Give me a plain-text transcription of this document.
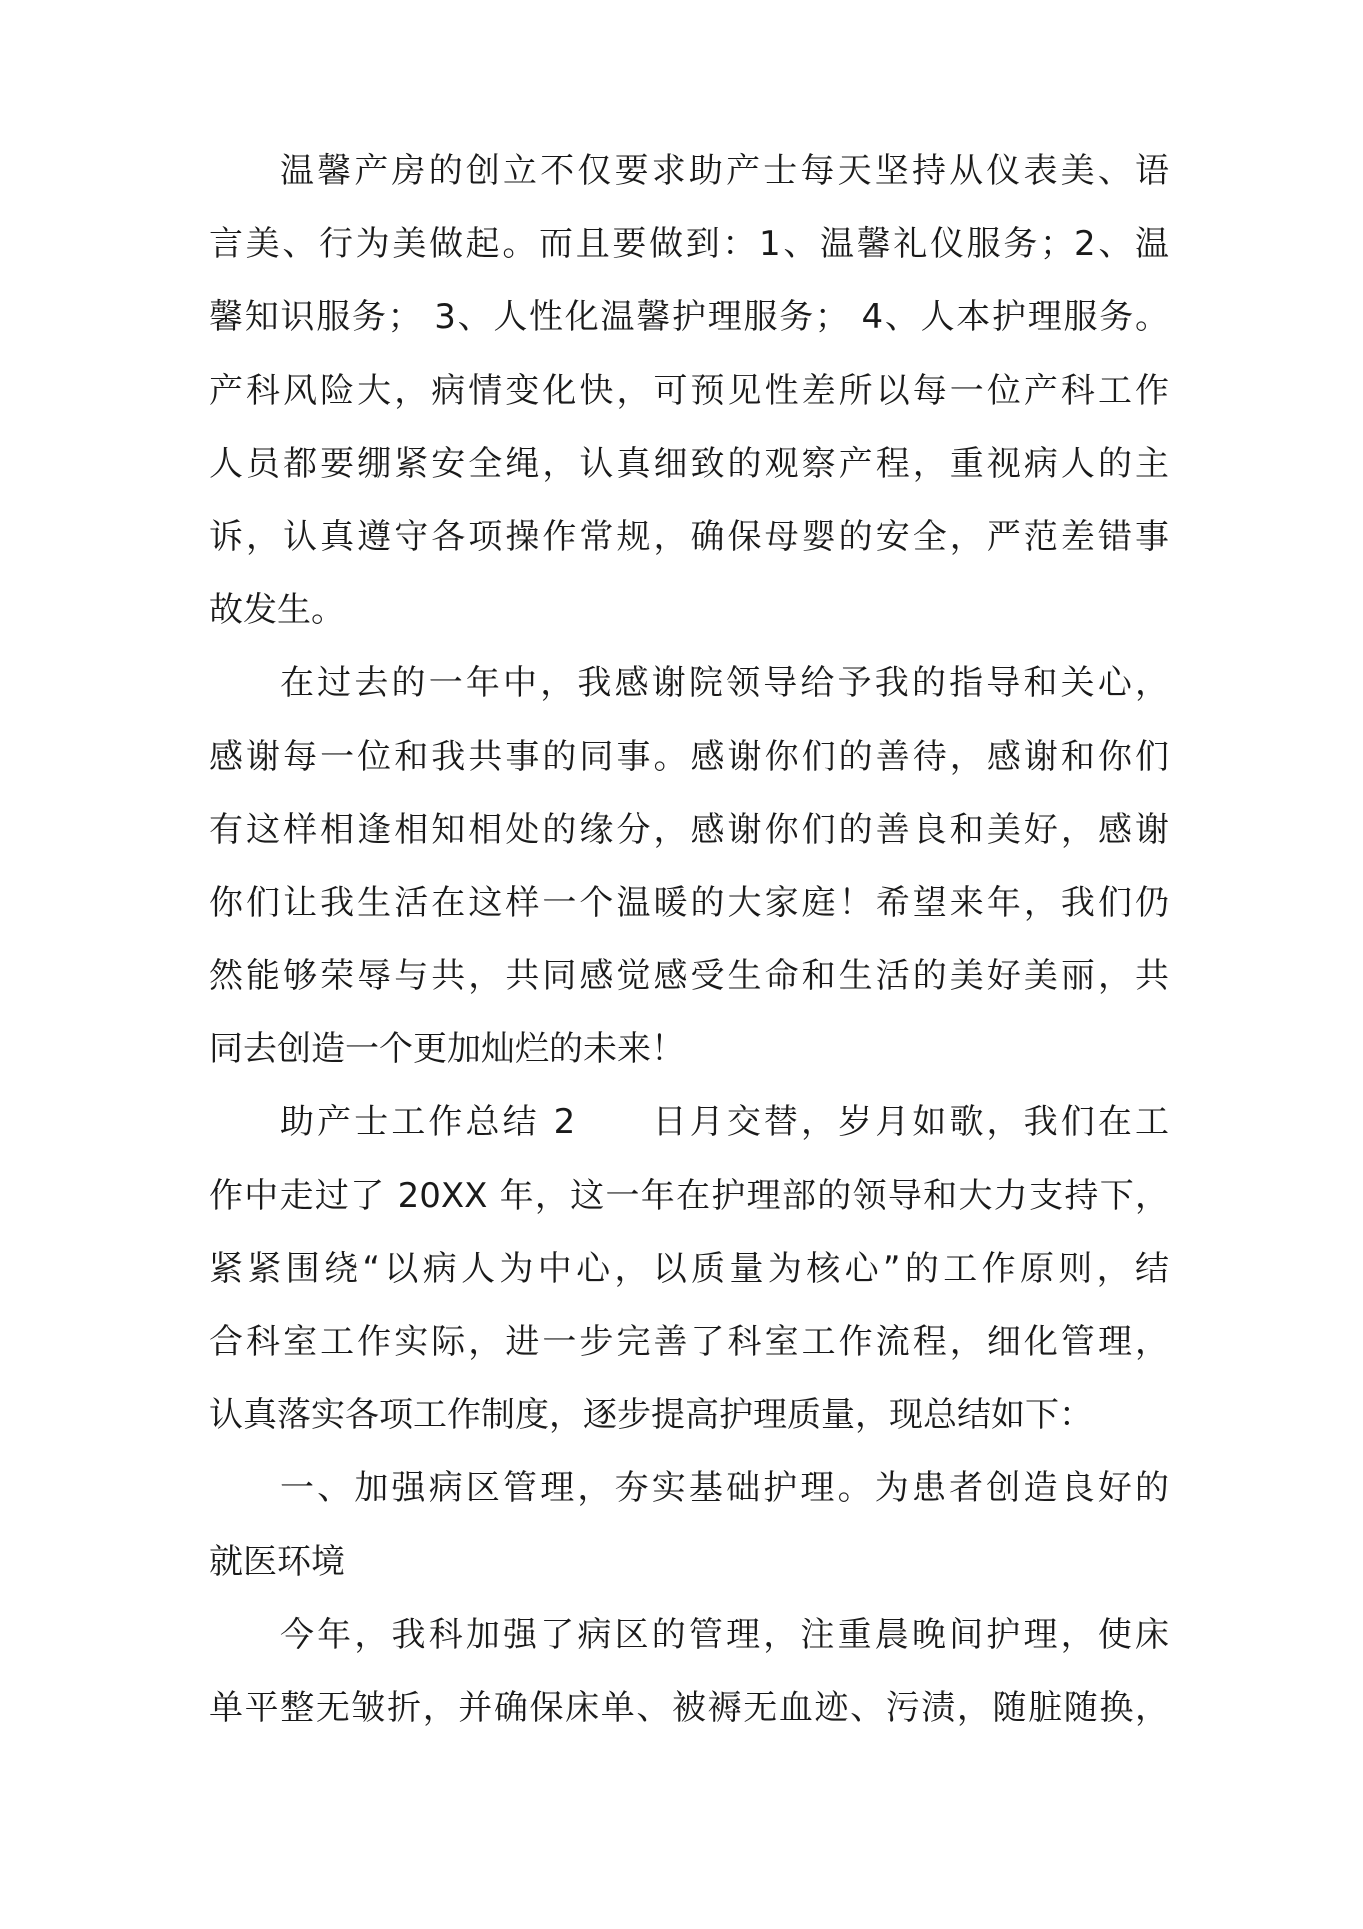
温馨产房的创立不仅要求助产士每天坚持从仪表美、语
言美、行为美做起。而且要做到：1、温馨礼仪服务；2、温
馨知识服务； 3、人性化温馨护理服务； 4、人本护理服务。
产科风险大，病情变化快，可预见性差所以每一位产科工作
人员都要绷紧安全绳，认真细致的观察产程，重视病人的主
诉，认真遵守各项操作常规，确保母婴的安全，严范差错事
故发生。
在过去的一年中，我感谢院领导给予我的指导和关心，
感谢每一位和我共事的同事。感谢你们的善待，感谢和你们
有这样相逢相知相处的缘分，感谢你们的善良和美好，感谢
你们让我生活在这样一个温暖的大家庭！希望来年，我们仍
然能够荣辱与共，共同感觉感受生命和生活的美好美丽，共
同去创造一个更加灿烂的未来！
助产士工作总结 2　　日月交替，岁月如歌，我们在工
作中走过了 20XX 年，这一年在护理部的领导和大力支持下，
紧紧围绕“以病人为中心，以质量为核心”的工作原则，结
合科室工作实际，进一步完善了科室工作流程，细化管理，
认真落实各项工作制度，逐步提高护理质量，现总结如下：
一、加强病区管理，夯实基础护理。为患者创造良好的
就医环境
今年，我科加强了病区的管理，注重晨晚间护理，使床
单平整无皱折，并确保床单、被褥无血迹、污渍，随脏随换，
